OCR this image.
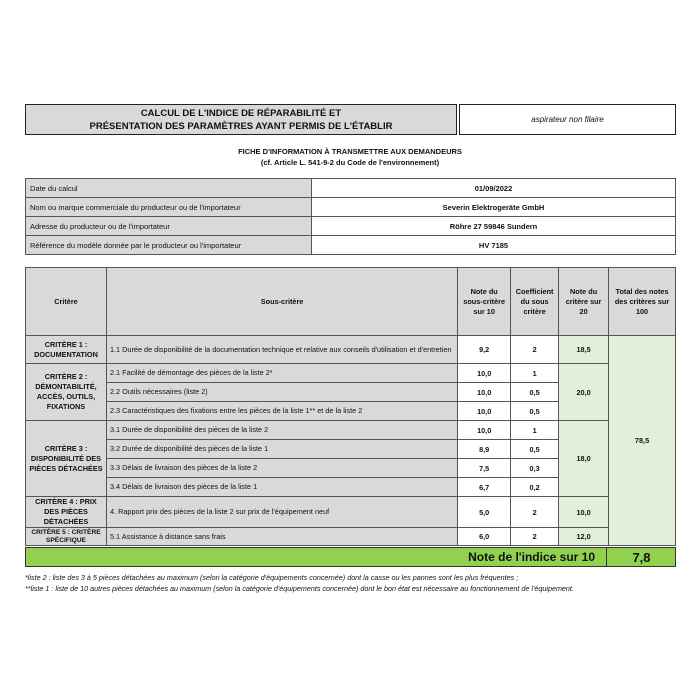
CALCUL DE L'INDICE DE RÉPARABILITÉ ET
PRÉSENTATION DES PARAMÈTRES AYANT PERMIS DE L'ÉTABLIR
aspirateur non filaire
FICHE D'INFORMATION À TRANSMETTRE AUX DEMANDEURS
(cf. Article L. 541-9-2 du Code de l'environnement)
Date du calcul	01/09/2022
Nom ou marque commerciale du producteur ou de l'importateur	Severin Elektrogeräte GmbH
Adresse du producteur ou de l'importateur	Röhre 27 59846 Sundern
Référence du modèle donnée par le producteur ou l'importateur	HV 7185
Critère	Sous-critère	Note du sous-critère sur 10	Coefficient du sous critère	Note du critère sur 20	Total des notes des critères sur 100
CRITÈRE 1 : DOCUMENTATION	1.1 Durée de disponibilité de la documentation technique et relative aux conseils d'utilisation et d'entretien	9,2	2	18,5	78,5
CRITÈRE 2 : DÉMONTABILITÉ, ACCÈS, OUTILS, FIXATIONS	2.1 Facilité de démontage des pièces de la liste 2*	10,0	1	20,0	
	2.2 Outils nécessaires (liste 2)	10,0	0,5		
	2.3 Caractéristiques des fixations entre les pièces de la liste 1** et de la liste 2	10,0	0,5		
CRITÈRE 3 : DISPONIBILITÉ DES PIÈCES DÉTACHÉES	3.1 Durée de disponibilité des pièces de la liste 2	10,0	1	18,0	
	3.2 Durée de disponibilité des pièces de la liste 1	8,9	0,5		
	3.3 Délais de livraison des pièces de la liste 2	7,5	0,3		
	3.4 Délais de livraison des pièces de la liste 1	6,7	0,2		
CRITÈRE 4 : PRIX DES PIÈCES DÉTACHÉES	4. Rapport prix des pièces de la liste 2 sur prix de l'équipement neuf	5,0	2	10,0	
CRITÈRE 5 : CRITÈRE SPÉCIFIQUE	5.1 Assistance à distance sans frais	6,0	2	12,0	
Note de l'indice sur 10	7,8
*liste 2 : liste des 3 à 5 pièces détachées au maximum (selon la catégorie d'équipements concernée) dont la casse ou les pannes sont les plus fréquentes ;
**liste 1 : liste de 10 autres pièces détachées au maximum (selon la catégorie d'équipements concernée) dont le bon état est nécessaire au fonctionnement de l'équipement.
